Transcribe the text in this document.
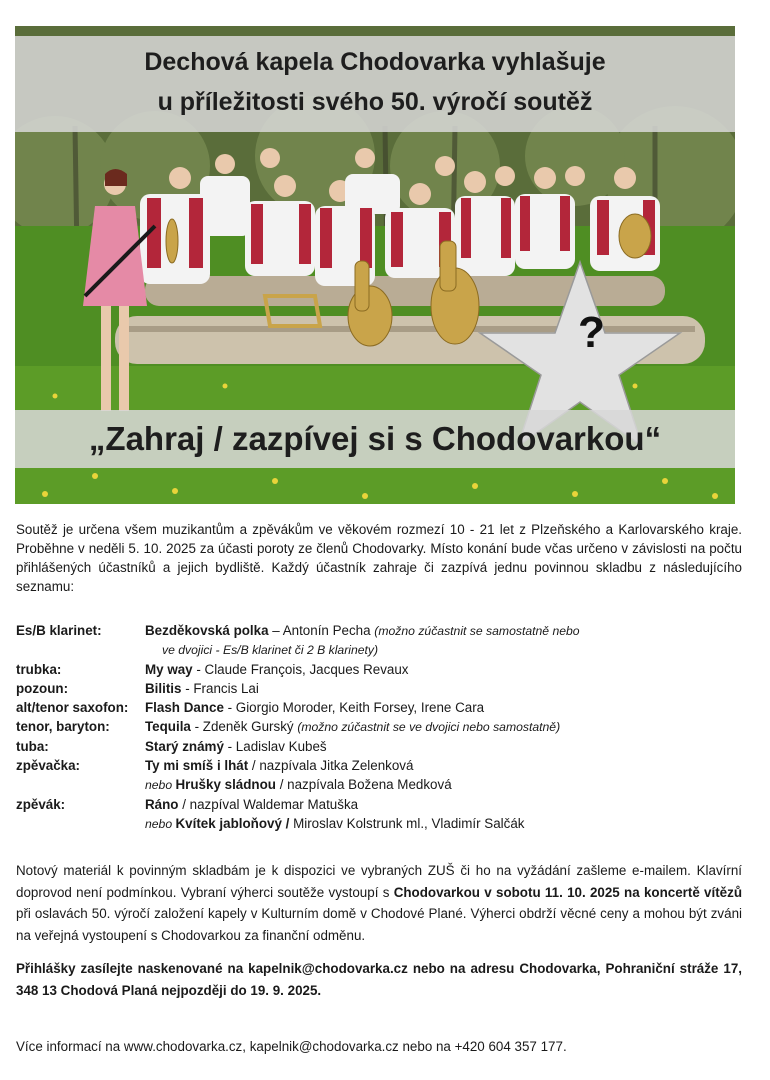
Dechová kapela Chodovarka vyhlašuje
u příležitosti svého 50. výročí soutěž
?
„Zahraj / zazpívej si s Chodovarkou“
Soutěž je určena všem muzikantům a zpěvákům ve věkovém rozmezí 10 - 21 let z Plzeňského a Karlovarského kraje. Proběhne v neděli 5. 10. 2025 za účasti poroty ze členů Chodovarky. Místo konání bude včas určeno v závislosti na počtu přihlášených účastníků a jejich bydliště. Každý účastník zahraje či zazpívá jednu povinnou skladbu z následujícího seznamu:
Es/B klarinet:	Bezděkovská polka – Antonín Pecha (možno zúčastnit se samostatně nebo
ve dvojici - Es/B klarinet či 2 B klarinety)
trubka:	My way - Claude François, Jacques Revaux
pozoun:	Bilitis - Francis Lai
alt/tenor saxofon: Flash Dance - Giorgio Moroder, Keith Forsey, Irene Cara
tenor, baryton:	Tequila - Zdeněk Gurský (možno zúčastnit se ve dvojici nebo samostatně)
tuba:	Starý známý - Ladislav Kubeš
zpěvačka:	Ty mi smíš i lhát / nazpívala Jitka Zelenková
nebo Hrušky sládnou / nazpívala Božena Medková
zpěvák:	Ráno / nazpíval Waldemar Matuška
nebo Kvítek jabloňový / Miroslav Kolstrunk ml., Vladimír Salčák
Notový materiál k povinným skladbám je k dispozici ve vybraných ZUŠ či ho na vyžádání zašleme e-mailem. Klavírní doprovod není podmínkou. Vybraní výherci soutěže vystoupí s Chodovarkou v sobotu 11. 10. 2025 na koncertě vítězů při oslavách 50. výročí založení kapely v Kulturním domě v Chodové Plané. Výherci obdrží věcné ceny a mohou být zváni na veřejná vystoupení s Chodovarkou za finanční odměnu.
Přihlášky zasílejte naskenované na kapelnik@chodovarka.cz nebo na adresu Chodovarka, Pohraniční stráže 17, 348 13 Chodová Planá nejpozději do 19. 9. 2025.
Více informací na www.chodovarka.cz, kapelnik@chodovarka.cz nebo na +420 604 357 177.
